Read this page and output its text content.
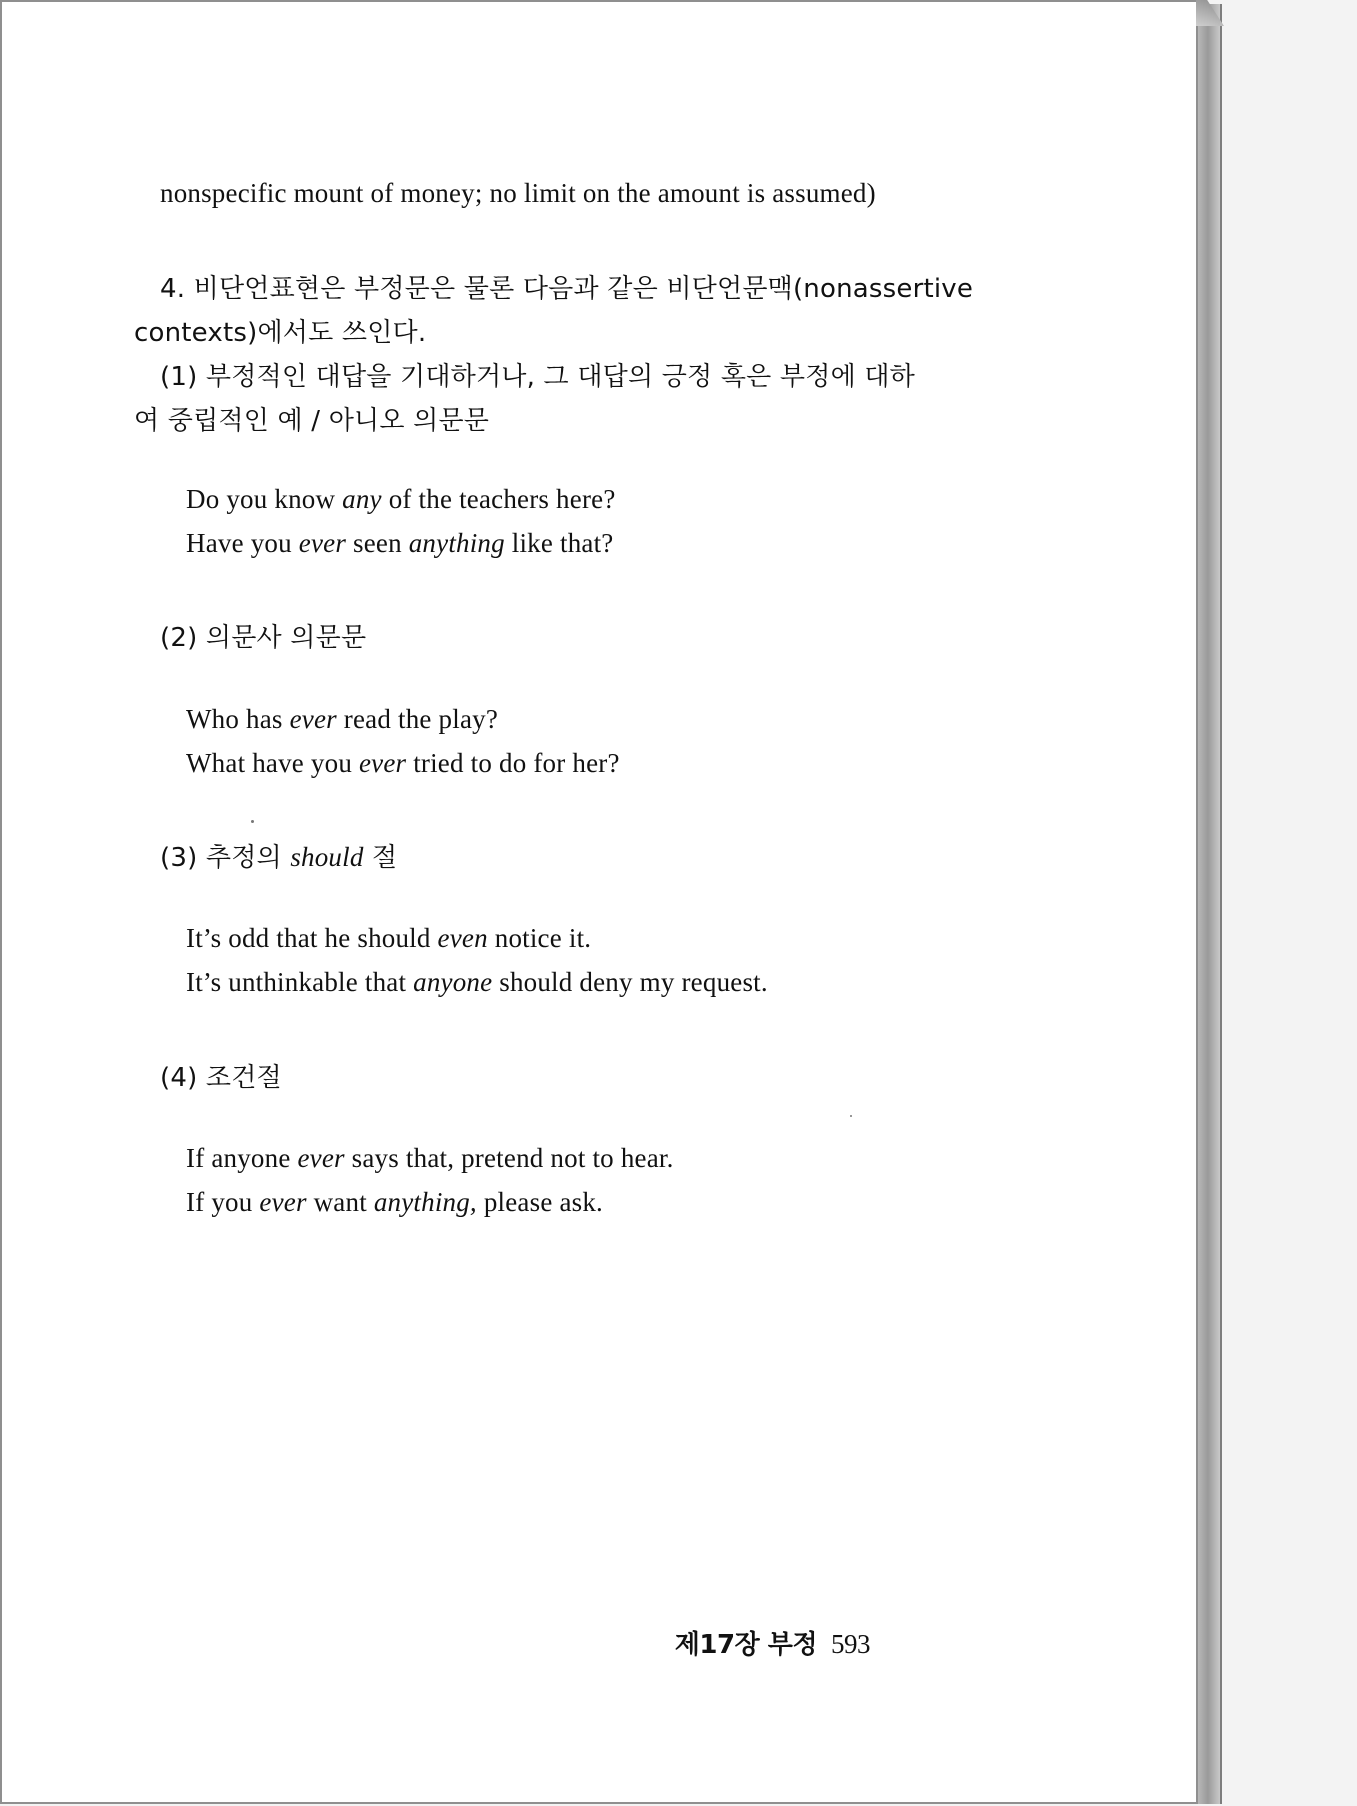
nonspecific mount of money; no limit on the amount is assumed)
4. 비단언표현은 부정문은 물론 다음과 같은 비단언문맥(nonassertive
contexts)에서도 쓰인다.
(1) 부정적인 대답을 기대하거나, 그 대답의 긍정 혹은 부정에 대하
여 중립적인 예 / 아니오 의문문
Do you know any of the teachers here?
Have you ever seen anything like that?
(2) 의문사 의문문
Who has ever read the play?
What have you ever tried to do for her?
(3) 추정의 should 절
It’s odd that he should even notice it.
It’s unthinkable that anyone should deny my request.
(4) 조건절
If anyone ever says that, pretend not to hear.
If you ever want anything, please ask.
제17장 부정 593
